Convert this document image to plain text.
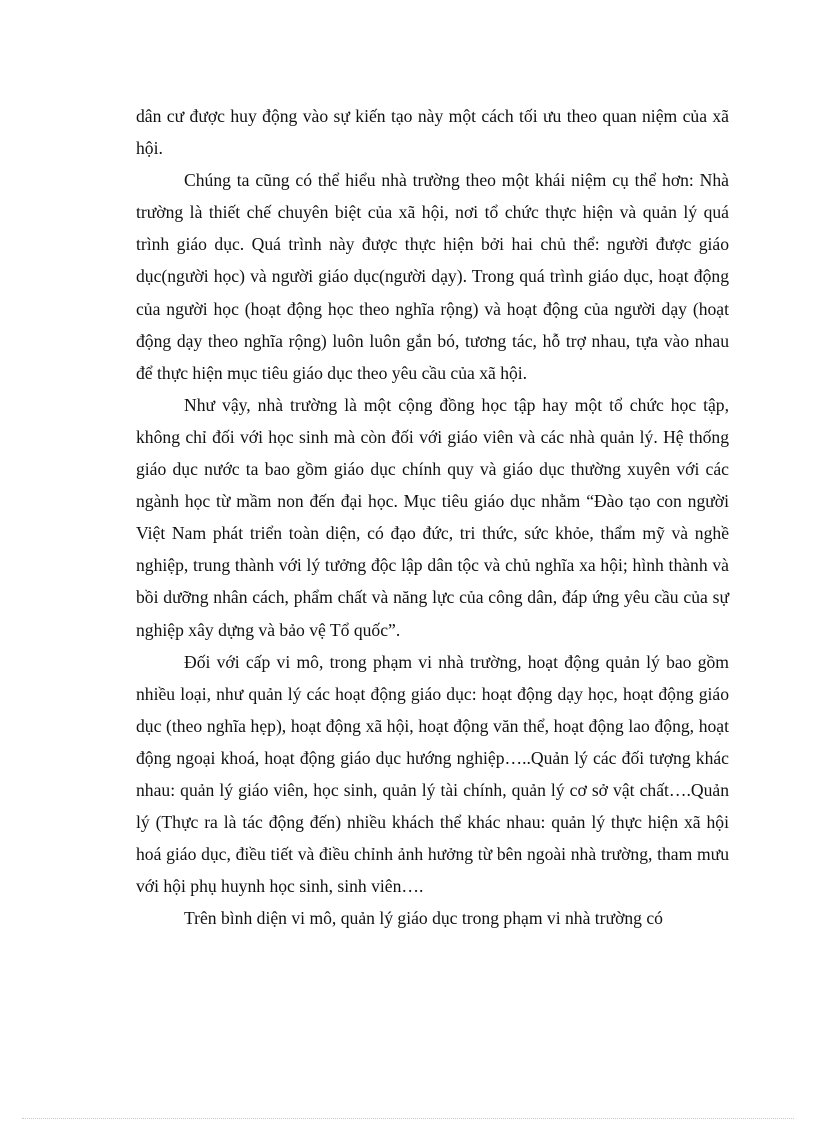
dân cư được huy động vào sự kiến tạo này một cách tối ưu theo quan niệm của xã hội.

Chúng ta cũng có thể hiểu nhà trường theo một khái niệm cụ thể hơn: Nhà trường là thiết chế chuyên biệt của xã hội, nơi tổ chức thực hiện và quản lý quá trình giáo dục. Quá trình này được thực hiện bởi hai chủ thể: người được giáo dục(người học) và người giáo dục(người dạy). Trong quá trình giáo dục, hoạt động của người học (hoạt động học theo nghĩa rộng) và hoạt động của người dạy (hoạt động dạy theo nghĩa rộng) luôn luôn gắn bó, tương tác, hỗ trợ nhau, tựa vào nhau để thực hiện mục tiêu giáo dục theo yêu cầu của xã hội.

Như vậy, nhà trường là một cộng đồng học tập hay một tổ chức học tập, không chỉ đối với học sinh mà còn đối với giáo viên và các nhà quản lý. Hệ thống giáo dục nước ta bao gồm giáo dục chính quy và giáo dục thường xuyên với các ngành học từ mầm non đến đại học. Mục tiêu giáo dục nhằm “Đào tạo con người Việt Nam phát triển toàn diện, có đạo đức, tri thức, sức khỏe, thẩm mỹ và nghề nghiệp, trung thành với lý tưởng độc lập dân tộc và chủ nghĩa xa hội; hình thành và bồi dưỡng nhân cách, phẩm chất và năng lực của công dân, đáp ứng yêu cầu của sự nghiệp xây dựng và bảo vệ Tổ quốc”.

Đối với cấp vi mô, trong phạm vi nhà trường, hoạt động quản lý bao gồm nhiều loại, như quản lý các hoạt động giáo dục: hoạt động dạy học, hoạt động giáo dục (theo nghĩa hẹp), hoạt động xã hội, hoạt động văn thể, hoạt động lao động, hoạt động ngoại khoá, hoạt động giáo dục hướng nghiệp…..Quản lý các đối tượng khác nhau: quản lý giáo viên, học sinh, quản lý tài chính, quản lý cơ sở vật chất….Quản lý (Thực ra là tác động đến) nhiều khách thể khác nhau: quản lý thực hiện xã hội hoá giáo dục, điều tiết và điều chỉnh ảnh hưởng từ bên ngoài nhà trường, tham mưu với hội phụ huynh học sinh, sinh viên….

Trên bình diện vi mô, quản lý giáo dục trong phạm vi nhà trường có
